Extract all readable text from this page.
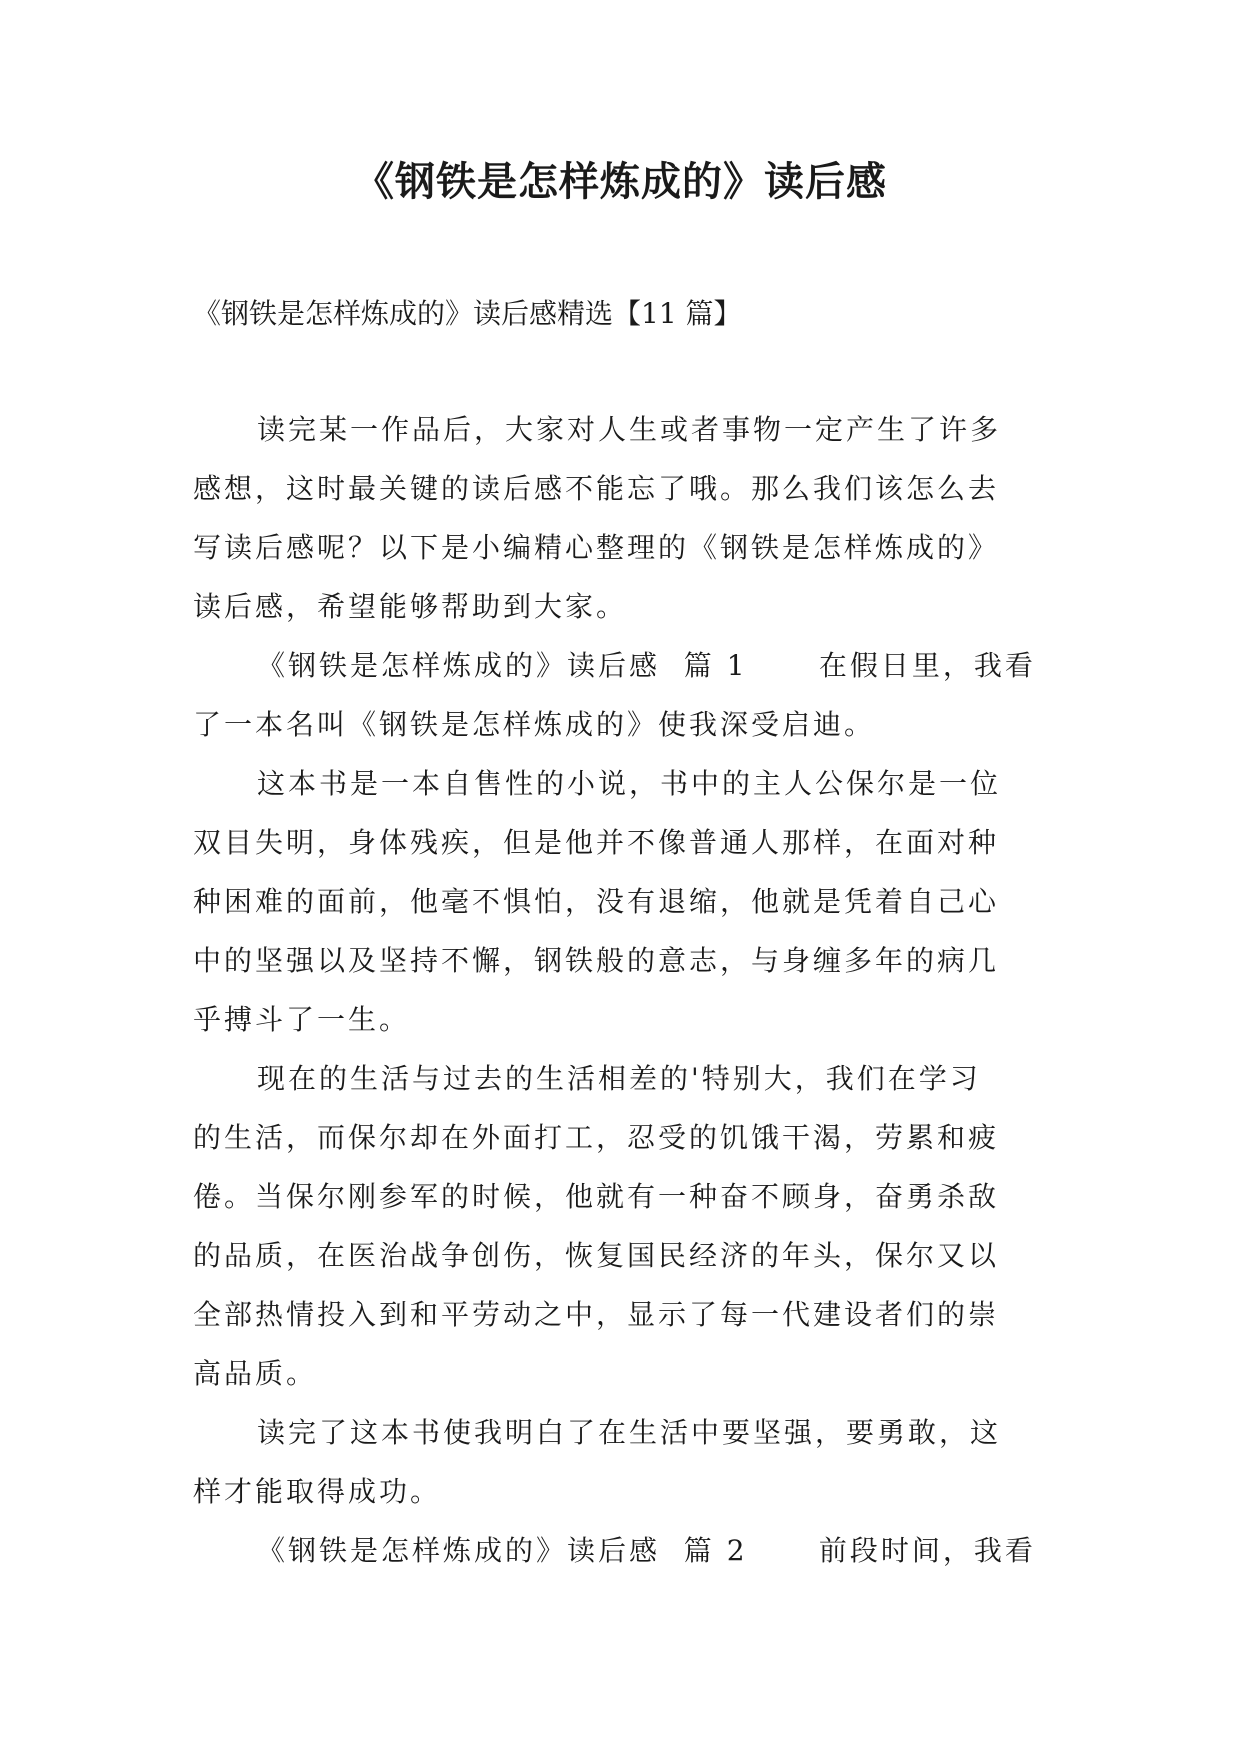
《钢铁是怎样炼成的》读后感
《钢铁是怎样炼成的》读后感精选【11 篇】
读完某一作品后，大家对人生或者事物一定产生了许多
感想，这时最关键的读后感不能忘了哦。那么我们该怎么去
写读后感呢？以下是小编精心整理的《钢铁是怎样炼成的》
读后感，希望能够帮助到大家。
《钢铁是怎样炼成的》读后感  篇 1      在假日里，我看
了一本名叫《钢铁是怎样炼成的》使我深受启迪。
这本书是一本自售性的小说，书中的主人公保尔是一位
双目失明，身体残疾，但是他并不像普通人那样，在面对种
种困难的面前，他毫不惧怕，没有退缩，他就是凭着自己心
中的坚强以及坚持不懈，钢铁般的意志，与身缠多年的病几
乎搏斗了一生。
现在的生活与过去的生活相差的'特别大，我们在学习
的生活，而保尔却在外面打工，忍受的饥饿干渴，劳累和疲
倦。当保尔刚参军的时候，他就有一种奋不顾身，奋勇杀敌
的品质，在医治战争创伤，恢复国民经济的年头，保尔又以
全部热情投入到和平劳动之中，显示了每一代建设者们的崇
高品质。
读完了这本书使我明白了在生活中要坚强，要勇敢，这
样才能取得成功。
《钢铁是怎样炼成的》读后感  篇 2      前段时间，我看
